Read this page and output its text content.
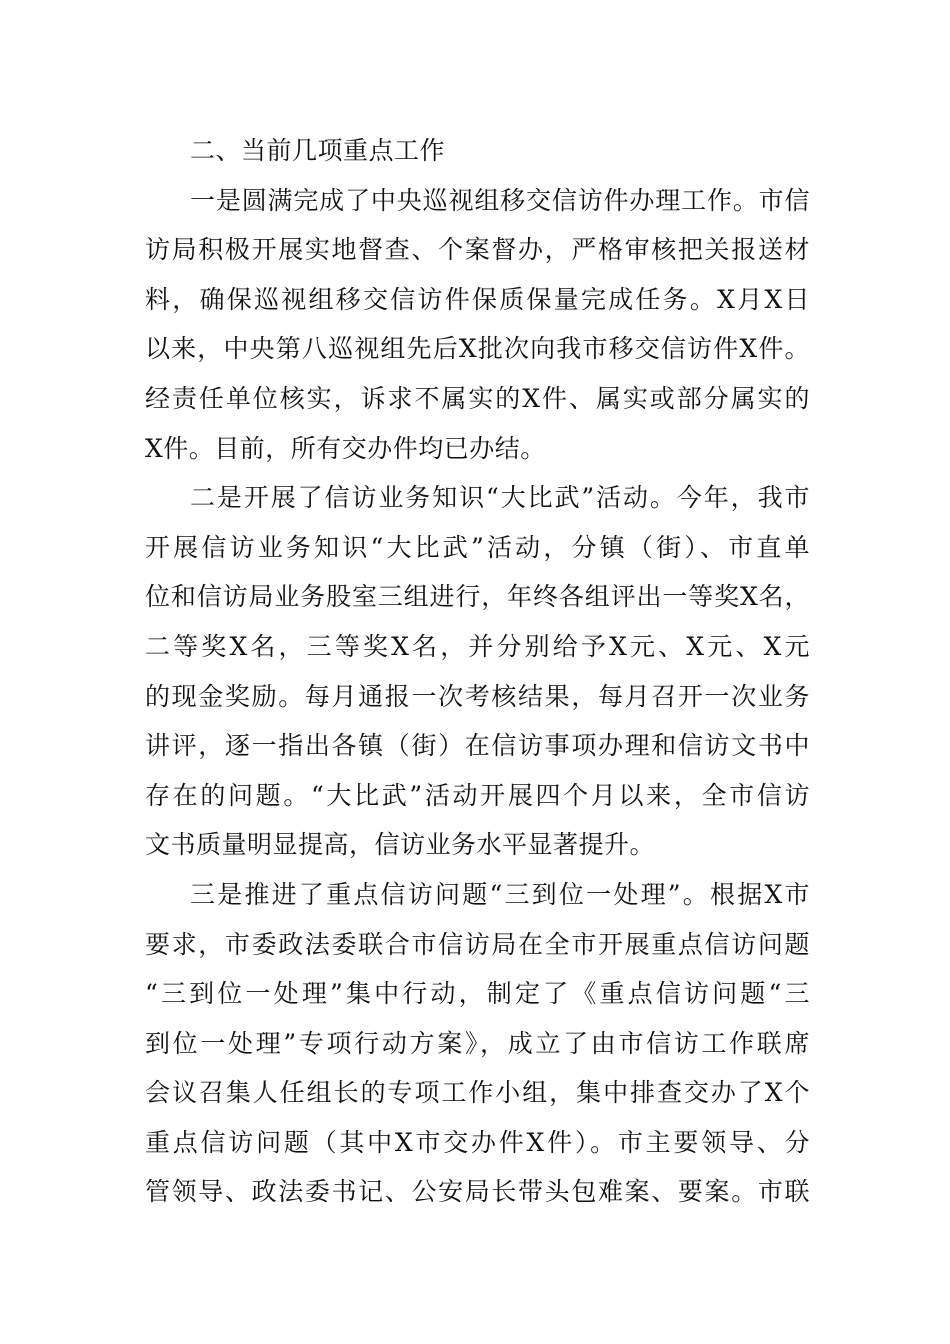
二、当前几项重点工作
一是圆满完成了中央巡视组移交信访件办理工作。市信
访局积极开展实地督查、个案督办，严格审核把关报送材
料，确保巡视组移交信访件保质保量完成任务。X月X日
以来，中央第八巡视组先后X批次向我市移交信访件X件。
经责任单位核实，诉求不属实的X件、属实或部分属实的
X件。目前，所有交办件均已办结。
二是开展了信访业务知识“大比武”活动。今年，我市
开展信访业务知识“大比武”活动，分镇（街）、市直单
位和信访局业务股室三组进行，年终各组评出一等奖X名，
二等奖X名，三等奖X名，并分别给予X元、X元、X元
的现金奖励。每月通报一次考核结果，每月召开一次业务
讲评，逐一指出各镇（街）在信访事项办理和信访文书中
存在的问题。“大比武”活动开展四个月以来，全市信访
文书质量明显提高，信访业务水平显著提升。
三是推进了重点信访问题“三到位一处理”。根据X市
要求，市委政法委联合市信访局在全市开展重点信访问题
“三到位一处理”集中行动，制定了《重点信访问题“三
到位一处理”专项行动方案》，成立了由市信访工作联席
会议召集人任组长的专项工作小组，集中排查交办了X个
重点信访问题（其中X市交办件X件）。市主要领导、分
管领导、政法委书记、公安局长带头包难案、要案。市联
